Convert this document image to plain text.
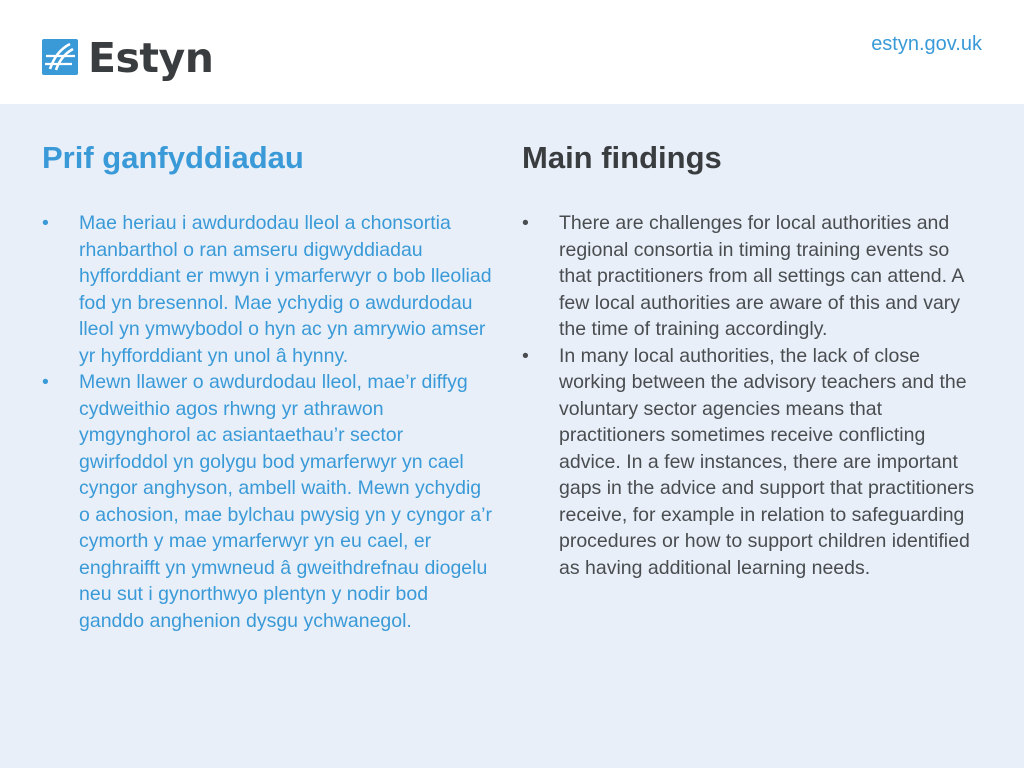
Estyn	estyn.gov.uk
Prif ganfyddiadau
• Mae heriau i awdurdodau lleol a chonsortia rhanbarthol o ran amseru digwyddiadau hyfforddiant er mwyn i ymarferwyr o bob lleoliad fod yn bresennol. Mae ychydig o awdurdodau lleol yn ymwybodol o hyn ac yn amrywio amser yr hyfforddiant yn unol â hynny.
• Mewn llawer o awdurdodau lleol, mae’r diffyg cydweithio agos rhwng yr athrawon ymgynghorol ac asiantaethau’r sector gwirfoddol yn golygu bod ymarferwyr yn cael cyngor anghyson, ambell waith. Mewn ychydig o achosion, mae bylchau pwysig yn y cyngor a’r cymorth y mae ymarferwyr yn eu cael, er enghraifft yn ymwneud â gweithdrefnau diogelu neu sut i gynorthwyo plentyn y nodir bod ganddo anghenion dysgu ychwanegol.
Main findings
• There are challenges for local authorities and regional consortia in timing training events so that practitioners from all settings can attend. A few local authorities are aware of this and vary the time of training accordingly.
• In many local authorities, the lack of close working between the advisory teachers and the voluntary sector agencies means that practitioners sometimes receive conflicting advice. In a few instances, there are important gaps in the advice and support that practitioners receive, for example in relation to safeguarding procedures or how to support children identified as having additional learning needs.
